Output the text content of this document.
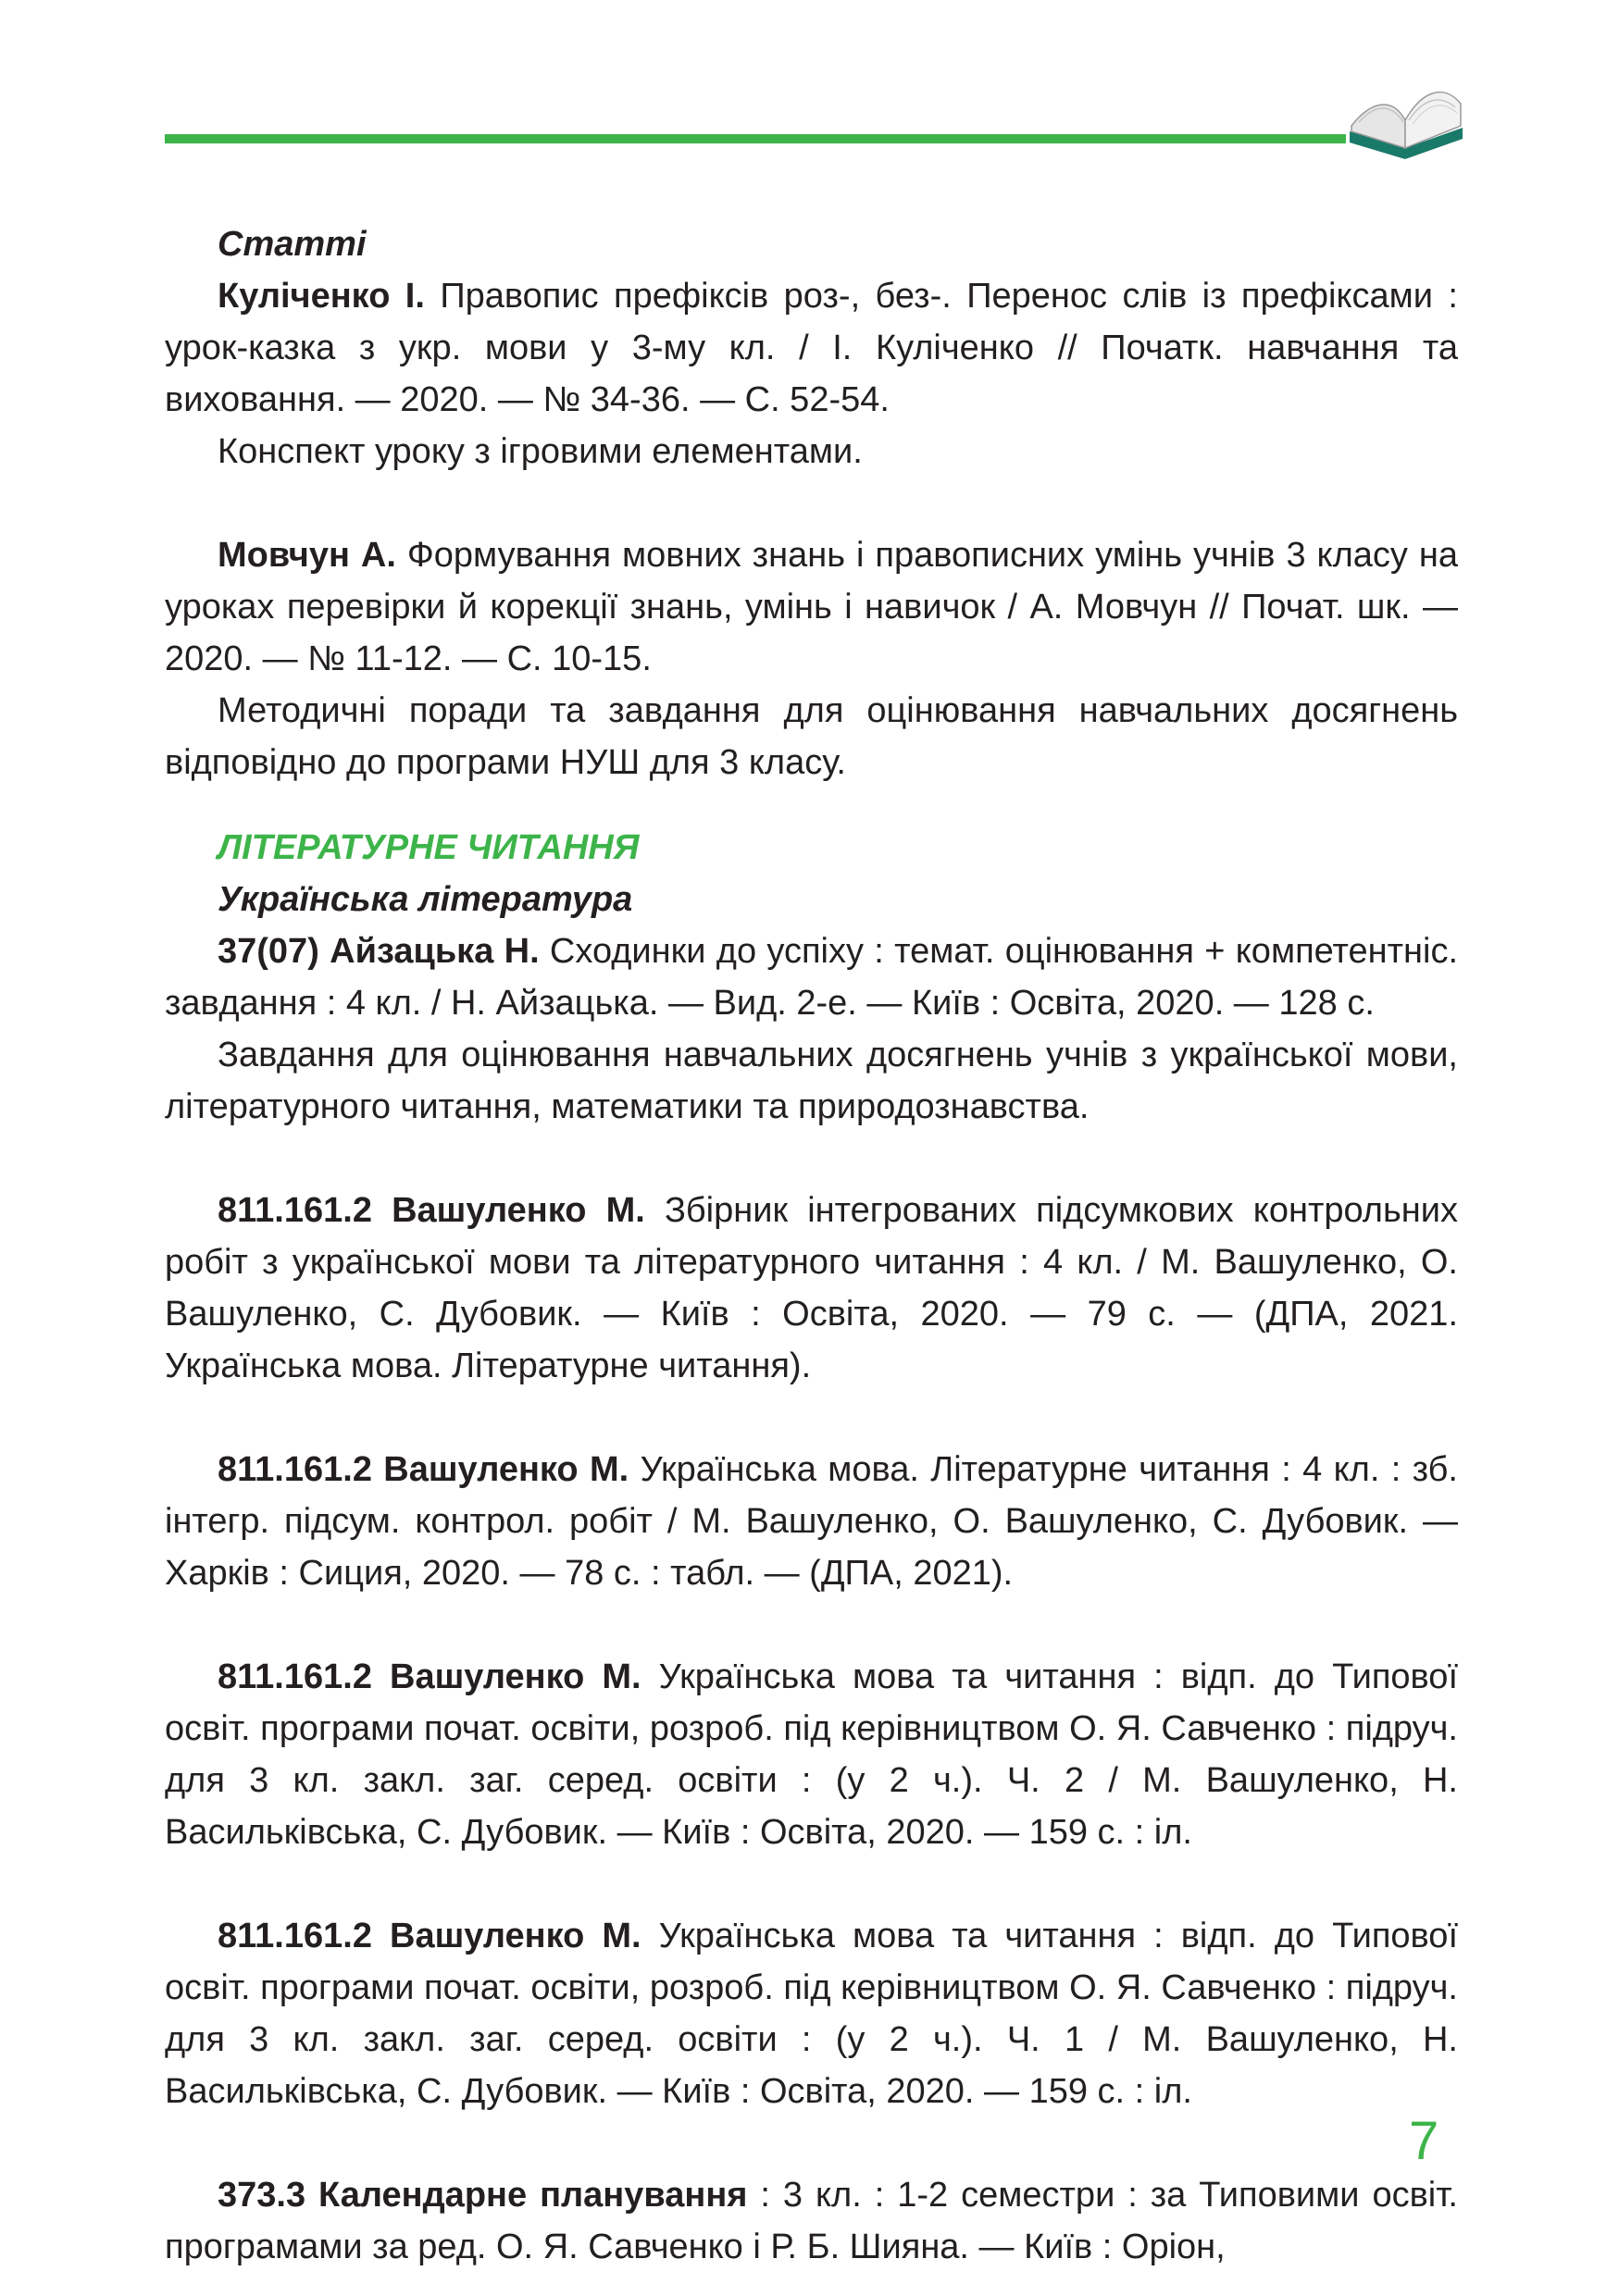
Статті

Куліченко І. Правопис префіксів роз-, без-. Перенос слів із префіксами : урок-казка з укр. мови у 3-му кл. / І. Куліченко // Початк. навчання та виховання. — 2020. — № 34-36. — С. 52-54.

Конспект уроку з ігровими елементами.

Мовчун А. Формування мовних знань і правописних умінь учнів 3 класу на уроках перевірки й корекції знань, умінь і навичок / А. Мовчун // Почат. шк. — 2020. — № 11-12. — С. 10-15.

Методичні поради та завдання для оцінювання навчальних досягнень відповідно до програми НУШ для 3 класу.

ЛІТЕРАТУРНЕ ЧИТАННЯ

Українська література

37(07) Айзацька Н. Сходинки до успіху : темат. оцінювання + компетентніс. завдання : 4 кл. / Н. Айзацька. — Вид. 2-е. — Київ : Освіта, 2020. — 128 с.

Завдання для оцінювання навчальних досягнень учнів з української мови, літературного читання, математики та природознавства.

811.161.2 Вашуленко М. Збірник інтегрованих підсумкових контрольних робіт з української мови та літературного читання : 4 кл. / М. Вашуленко, О. Вашуленко, С. Дубовик. — Київ : Освіта, 2020. — 79 с. — (ДПА, 2021. Українська мова. Літературне читання).

811.161.2 Вашуленко М. Українська мова. Літературне читання : 4 кл. : зб. інтегр. підсум. контрол. робіт / М. Вашуленко, О. Вашуленко, С. Дубовик. — Харків : Сиция, 2020. — 78 с. : табл. — (ДПА, 2021).

811.161.2 Вашуленко М. Українська мова та читання : відп. до Типової освіт. програми почат. освіти, розроб. під керівництвом О. Я. Савченко : підруч. для 3 кл. закл. заг. серед. освіти : (у 2 ч.). Ч. 2 / М. Вашуленко, Н. Васильківська, С. Дубовик. — Київ : Освіта, 2020. — 159 с. : іл.

811.161.2 Вашуленко М. Українська мова та читання : відп. до Типової освіт. програми почат. освіти, розроб. під керівництвом О. Я. Савченко : підруч. для 3 кл. закл. заг. серед. освіти : (у 2 ч.). Ч. 1 / М. Вашуленко, Н. Васильківська, С. Дубовик. — Київ : Освіта, 2020. — 159 с. : іл.

373.3 Календарне планування : 3 кл. : 1-2 семестри : за Типовими освіт. програмами за ред. О. Я. Савченко і Р. Б. Шияна. — Київ : Оріон,

7
